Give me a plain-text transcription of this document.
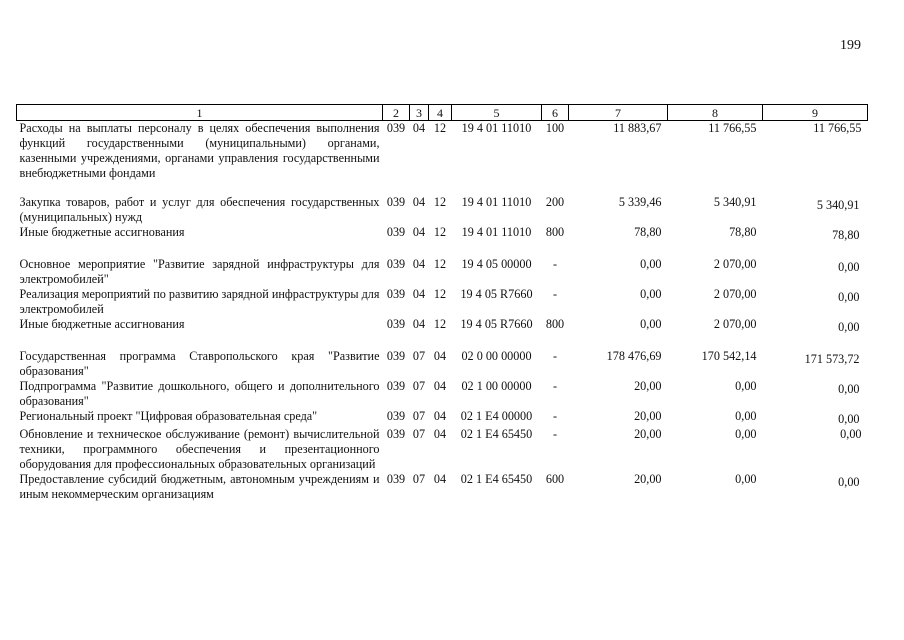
199
1	2	3	4	5	6	7	8	9
Расходы на выплаты персоналу в целях обеспечения выполнения функций государственными (муниципальными) органами, казенными учреждениями, органами управления государственными внебюджетными фондами	039	04	12	19 4 01 11010	100	11 883,67	11 766,55	11 766,55

Закупка товаров, работ и услуг для обеспечения государственных (муниципальных) нужд	039	04	12	19 4 01 11010	200	5 339,46	5 340,91	5 340,91
Иные бюджетные ассигнования	039	04	12	19 4 01 11010	800	78,80	78,80	78,80

Основное мероприятие "Развитие зарядной инфраструктуры для электромобилей"	039	04	12	19 4 05 00000	-	0,00	2 070,00	0,00
Реализация мероприятий по развитию зарядной инфраструктуры для электромобилей	039	04	12	19 4 05 R7660	-	0,00	2 070,00	0,00
Иные бюджетные ассигнования	039	04	12	19 4 05 R7660	800	0,00	2 070,00	0,00

Государственная программа Ставропольского края "Развитие образования"	039	07	04	02 0 00 00000	-	178 476,69	170 542,14	171 573,72
Подпрограмма "Развитие дошкольного, общего и дополнительного образования"	039	07	04	02 1 00 00000	-	20,00	0,00	0,00
Региональный проект "Цифровая образовательная среда"	039	07	04	02 1 E4 00000	-	20,00	0,00	0,00
Обновление и техническое обслуживание (ремонт) вычислительной техники, программного обеспечения и презентационного оборудования для профессиональных образовательных организаций	039	07	04	02 1 E4 65450	-	20,00	0,00	0,00
Предоставление субсидий бюджетным, автономным учреждениям и иным некоммерческим организациям	039	07	04	02 1 E4 65450	600	20,00	0,00	0,00
